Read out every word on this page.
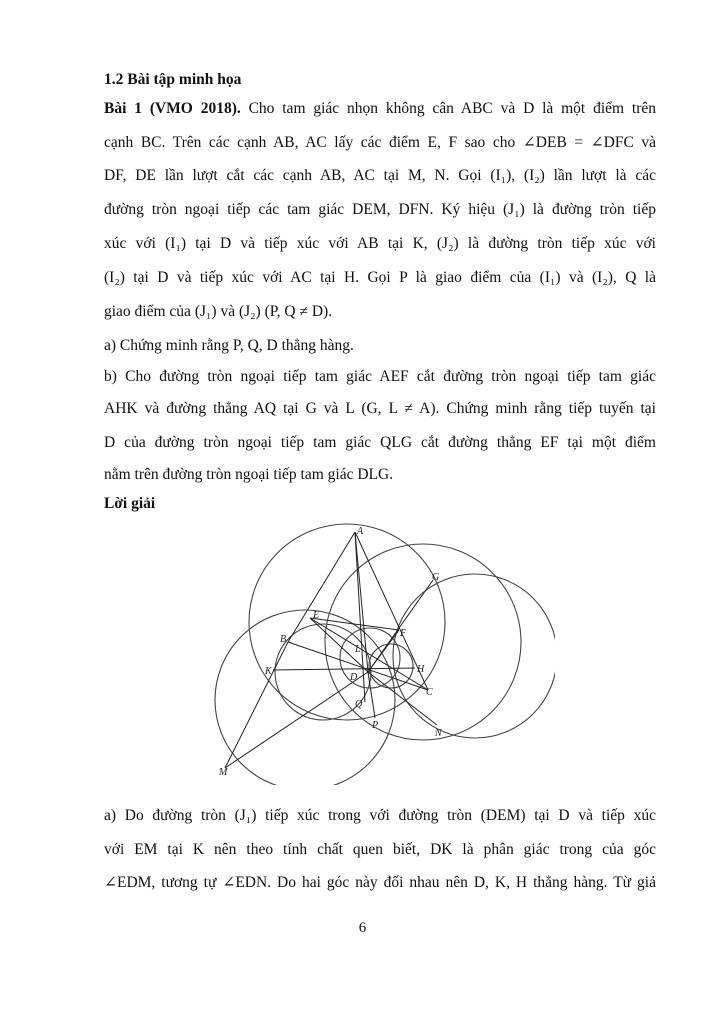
1.2 Bài tập minh họa
Bài 1 (VMO 2018). Cho tam giác nhọn không cân ABC và D là một điểm trên
cạnh BC. Trên các cạnh AB, AC lấy các điểm E, F sao cho ∠DEB = ∠DFC và
DF, DE lần lượt cắt các cạnh AB, AC tại M, N. Gọi (I₁), (I₂) lần lượt là các
đường tròn ngoại tiếp các tam giác DEM, DFN. Ký hiệu (J₁) là đường tròn tiếp
xúc với (I₁) tại D và tiếp xúc với AB tại K, (J₂) là đường tròn tiếp xúc với
(I₂) tại D và tiếp xúc với AC tại H. Gọi P là giao điểm của (I₁) và (I₂), Q là
giao điểm của (J₁) và (J₂) (P, Q ≠ D).
a) Chứng minh rằng P, Q, D thẳng hàng.
b) Cho đường tròn ngoại tiếp tam giác AEF cắt đường tròn ngoại tiếp tam giác
AHK và đường thẳng AQ tại G và L (G, L ≠ A). Chứng minh rằng tiếp tuyến tại
D của đường tròn ngoại tiếp tam giác QLG cắt đường thẳng EF tại một điểm
nằm trên đường tròn ngoại tiếp tam giác DLG.
Lời giải
A
B
C
D
E
F
G
H
K
L
M
N
P
Q
a) Do đường tròn (J₁) tiếp xúc trong với đường tròn (DEM) tại D và tiếp xúc
với EM tại K nên theo tính chất quen biết, DK là phân giác trong của góc
∠EDM, tương tự ∠EDN. Do hai góc này đối nhau nên D, K, H thẳng hàng. Từ giả
6
